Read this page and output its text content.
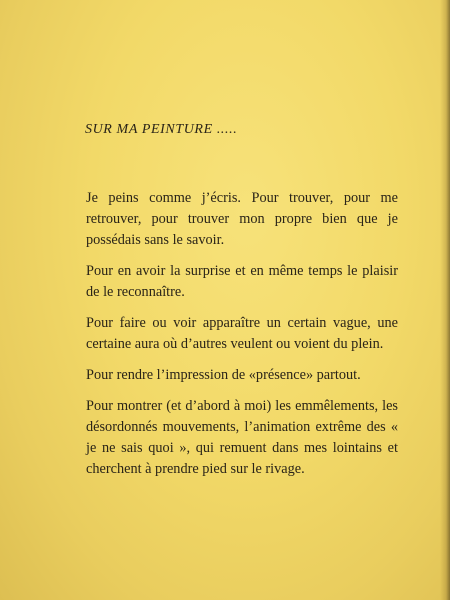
SUR MA PEINTURE .....

Je peins comme j’écris. Pour trouver, pour me retrouver, pour trouver mon propre bien que je possédais sans le savoir.

Pour en avoir la surprise et en même temps le plaisir de le reconnaître.

Pour faire ou voir apparaître un certain vague, une certaine aura où d’autres veulent ou voient du plein.

Pour rendre l’impression de «présence» partout.

Pour montrer (et d’abord à moi) les emmêlements, les désordonnés mouvements, l’animation extrême des « je ne sais quoi », qui remuent dans mes lointains et cherchent à prendre pied sur le rivage.
